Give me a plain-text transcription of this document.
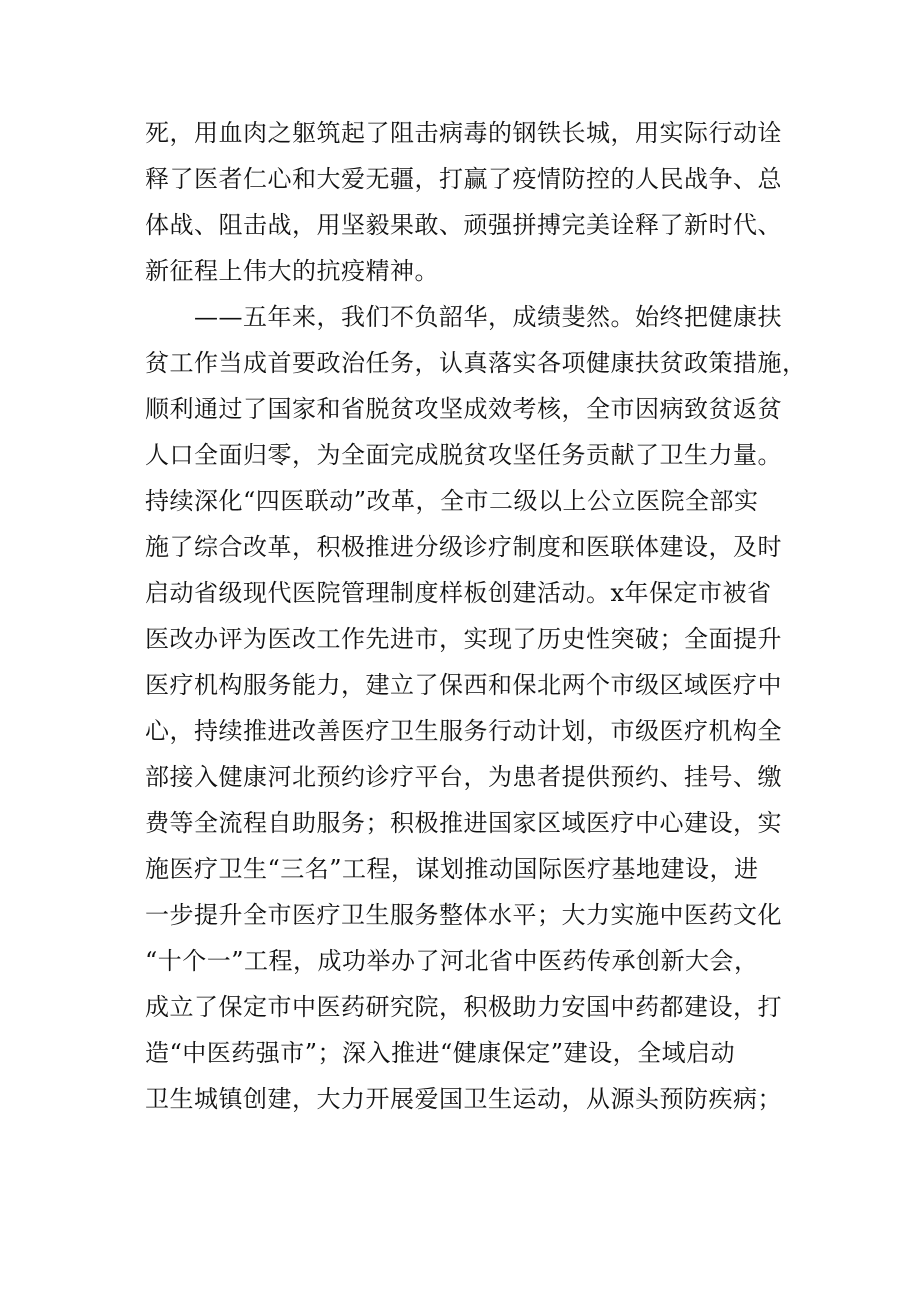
死，用血肉之躯筑起了阻击病毒的钢铁长城，用实际行动诠
释了医者仁心和大爱无疆，打赢了疫情防控的人民战争、总
体战、阻击战，用坚毅果敢、顽强拼搏完美诠释了新时代、
新征程上伟大的抗疫精神。
　　——五年来，我们不负韶华，成绩斐然。始终把健康扶
贫工作当成首要政治任务，认真落实各项健康扶贫政策措施，
顺利通过了国家和省脱贫攻坚成效考核，全市因病致贫返贫
人口全面归零，为全面完成脱贫攻坚任务贡献了卫生力量。
持续深化“四医联动”改革，全市二级以上公立医院全部实
施了综合改革，积极推进分级诊疗制度和医联体建设，及时
启动省级现代医院管理制度样板创建活动。x年保定市被省
医改办评为医改工作先进市，实现了历史性突破；全面提升
医疗机构服务能力，建立了保西和保北两个市级区域医疗中
心，持续推进改善医疗卫生服务行动计划，市级医疗机构全
部接入健康河北预约诊疗平台，为患者提供预约、挂号、缴
费等全流程自助服务；积极推进国家区域医疗中心建设，实
施医疗卫生“三名”工程，谋划推动国际医疗基地建设，进
一步提升全市医疗卫生服务整体水平；大力实施中医药文化
“十个一”工程，成功举办了河北省中医药传承创新大会，
成立了保定市中医药研究院，积极助力安国中药都建设，打
造“中医药强市”；深入推进“健康保定”建设，全域启动
卫生城镇创建，大力开展爱国卫生运动，从源头预防疾病；
